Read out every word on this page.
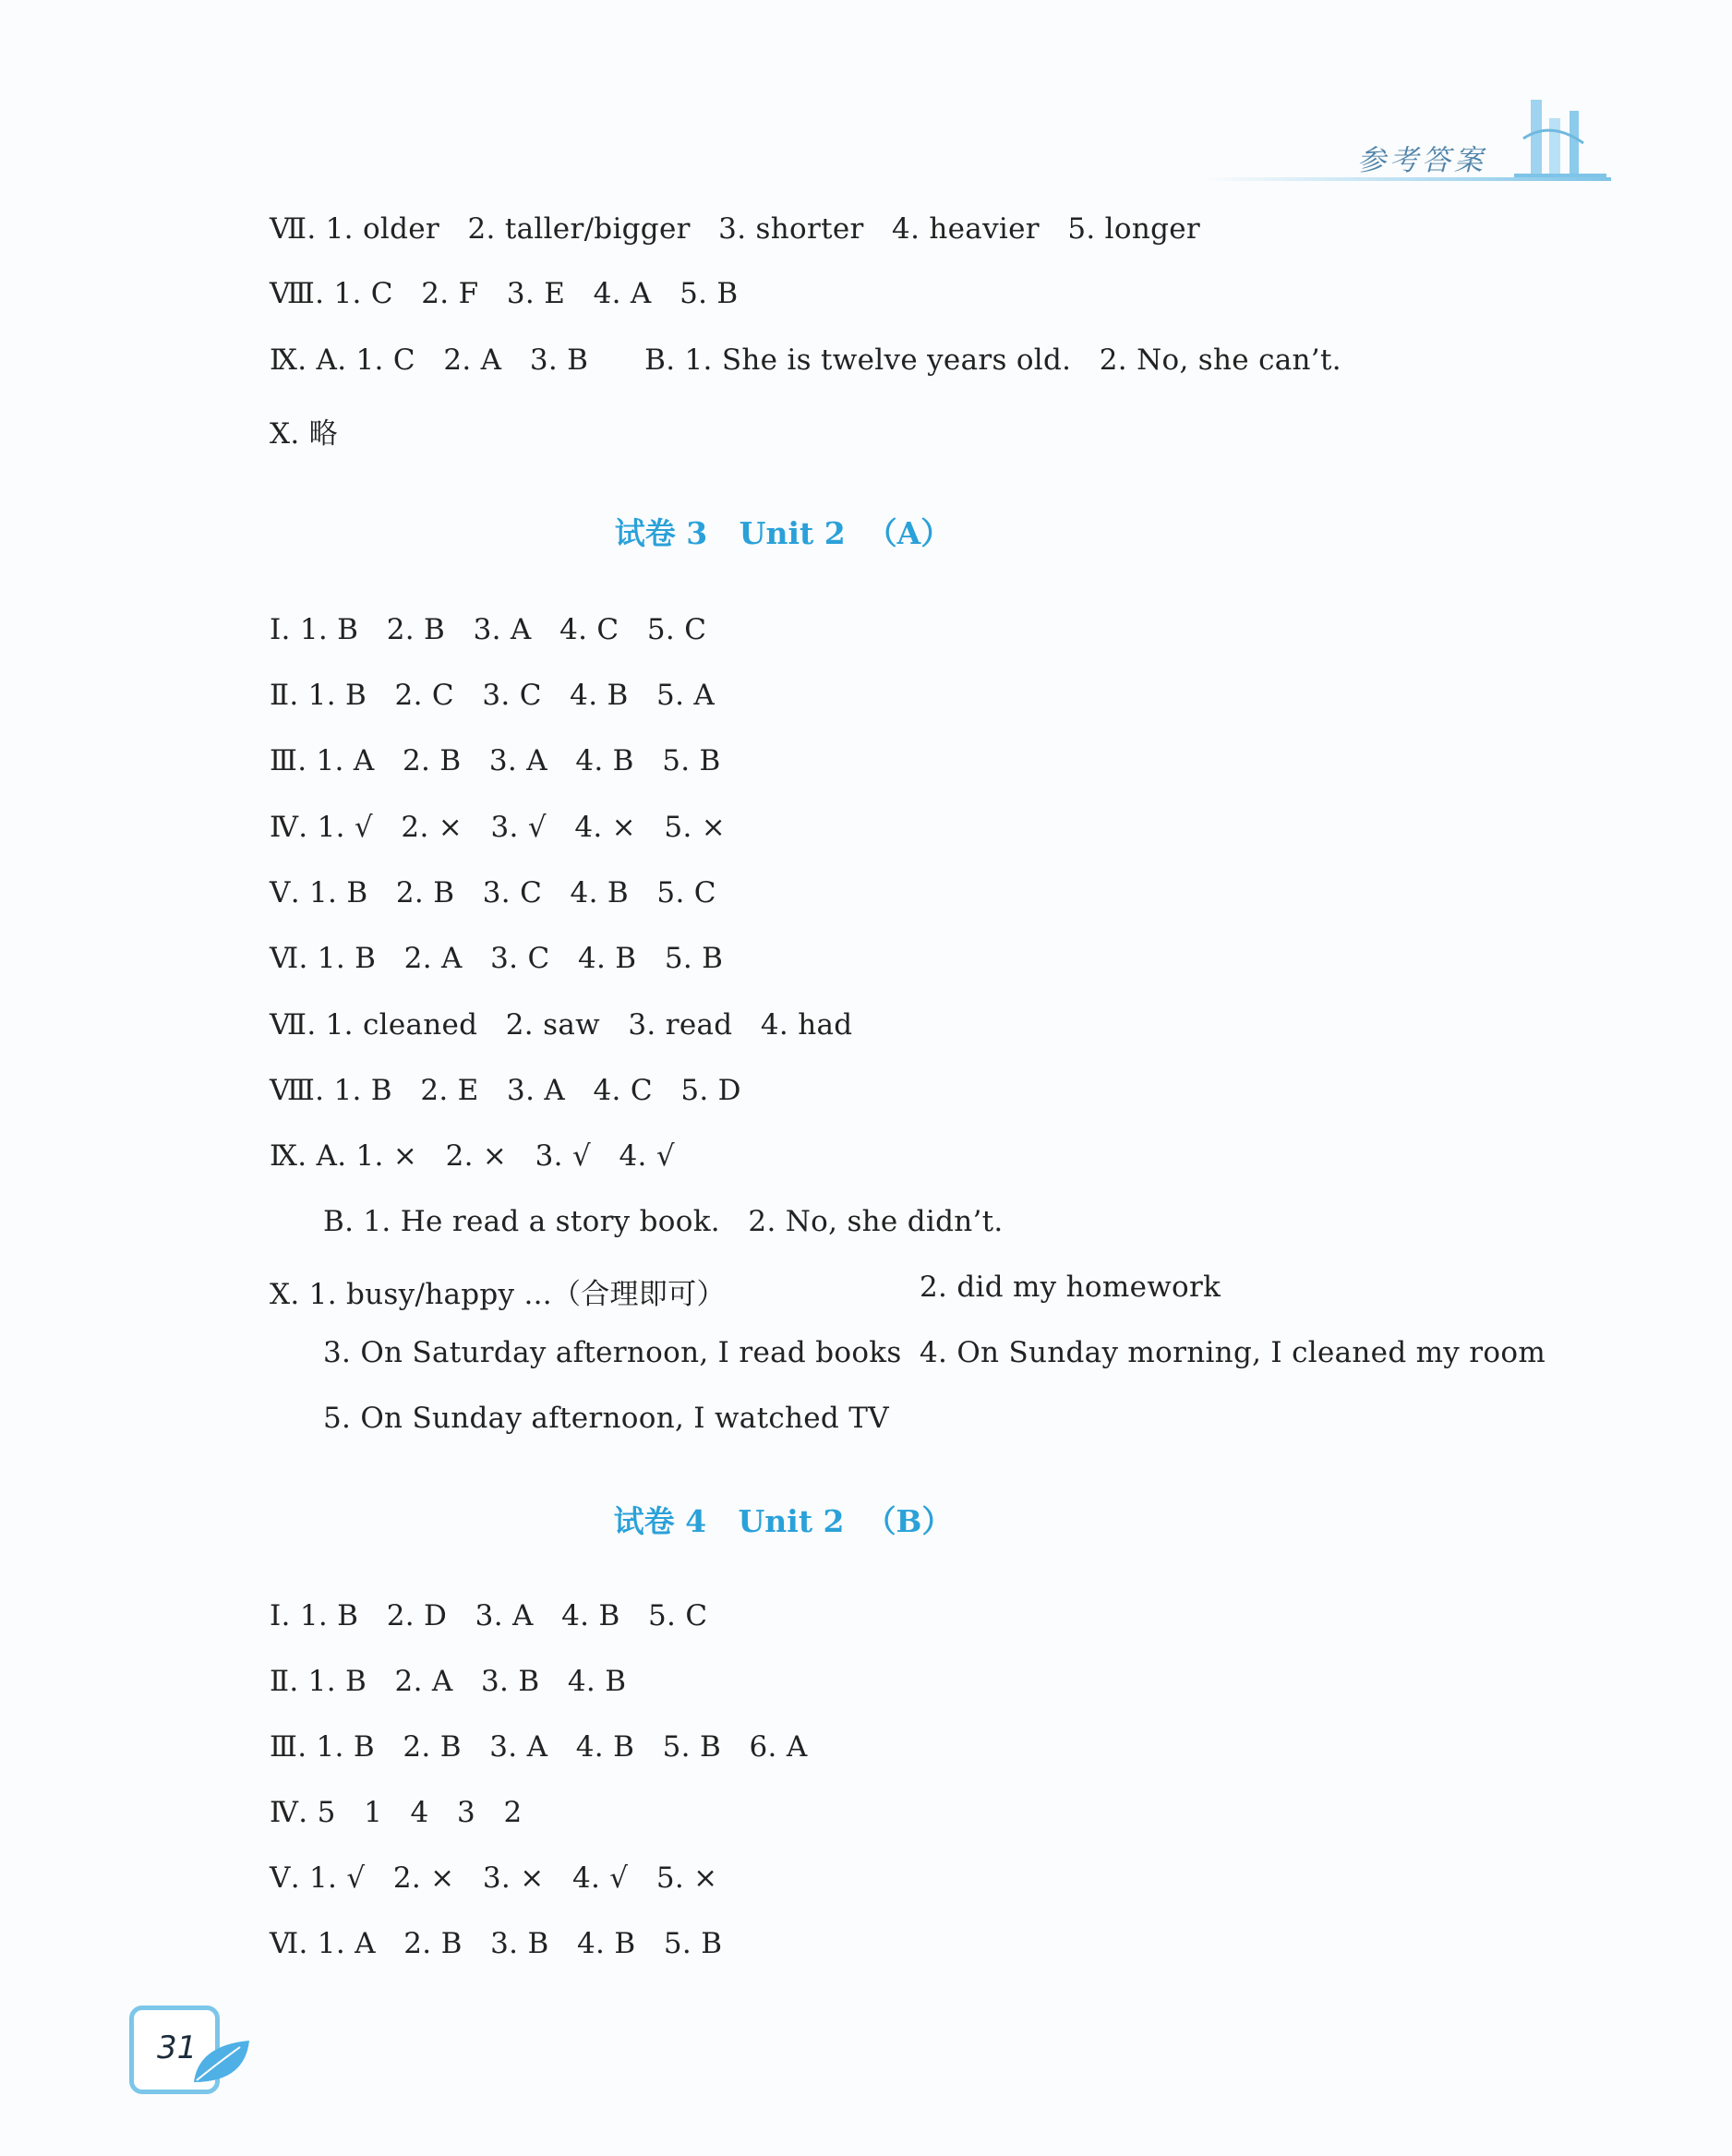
参考答案
Ⅶ. 1. older   2. taller/bigger   3. shorter   4. heavier   5. longer
Ⅷ. 1. C   2. F   3. E   4. A   5. B
Ⅸ. A. 1. C   2. A   3. B      B. 1. She is twelve years old.   2. No, she can’t.
Ⅹ. 略
试卷 3   Unit 2  （A）
Ⅰ. 1. B   2. B   3. A   4. C   5. C
Ⅱ. 1. B   2. C   3. C   4. B   5. A
Ⅲ. 1. A   2. B   3. A   4. B   5. B
Ⅳ. 1. √   2. ×   3. √   4. ×   5. ×
Ⅴ. 1. B   2. B   3. C   4. B   5. C
Ⅵ. 1. B   2. A   3. C   4. B   5. B
Ⅶ. 1. cleaned   2. saw   3. read   4. had
Ⅷ. 1. B   2. E   3. A   4. C   5. D
Ⅸ. A. 1. ×   2. ×   3. √   4. √
B. 1. He read a story book.   2. No, she didn’t.
Ⅹ. 1. busy/happy ...（合理即可）	2. did my homework
3. On Saturday afternoon, I read books 4. On Sunday morning, I cleaned my room
5. On Sunday afternoon, I watched TV
试卷 4   Unit 2  （B）
Ⅰ. 1. B   2. D   3. A   4. B   5. C
Ⅱ. 1. B   2. A   3. B   4. B
Ⅲ. 1. B   2. B   3. A   4. B   5. B   6. A
Ⅳ. 5   1   4   3   2
Ⅴ. 1. √   2. ×   3. ×   4. √   5. ×
Ⅵ. 1. A   2. B   3. B   4. B   5. B
31
